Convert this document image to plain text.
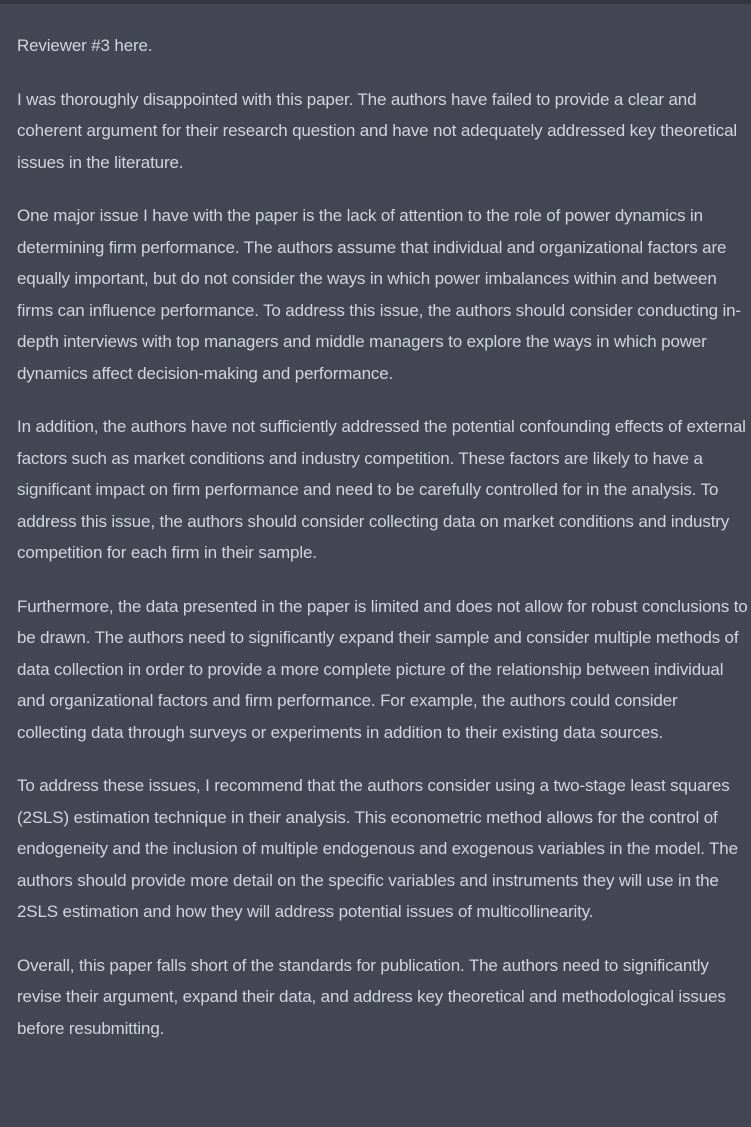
Reviewer #3 here.

I was thoroughly disappointed with this paper. The authors have failed to provide a clear and coherent argument for their research question and have not adequately addressed key theoretical issues in the literature.

One major issue I have with the paper is the lack of attention to the role of power dynamics in determining firm performance. The authors assume that individual and organizational factors are equally important, but do not consider the ways in which power imbalances within and between firms can influence performance. To address this issue, the authors should consider conducting in-depth interviews with top managers and middle managers to explore the ways in which power dynamics affect decision-making and performance.

In addition, the authors have not sufficiently addressed the potential confounding effects of external factors such as market conditions and industry competition. These factors are likely to have a significant impact on firm performance and need to be carefully controlled for in the analysis. To address this issue, the authors should consider collecting data on market conditions and industry competition for each firm in their sample.

Furthermore, the data presented in the paper is limited and does not allow for robust conclusions to be drawn. The authors need to significantly expand their sample and consider multiple methods of data collection in order to provide a more complete picture of the relationship between individual and organizational factors and firm performance. For example, the authors could consider collecting data through surveys or experiments in addition to their existing data sources.

To address these issues, I recommend that the authors consider using a two-stage least squares (2SLS) estimation technique in their analysis. This econometric method allows for the control of endogeneity and the inclusion of multiple endogenous and exogenous variables in the model. The authors should provide more detail on the specific variables and instruments they will use in the 2SLS estimation and how they will address potential issues of multicollinearity.

Overall, this paper falls short of the standards for publication. The authors need to significantly revise their argument, expand their data, and address key theoretical and methodological issues before resubmitting.
